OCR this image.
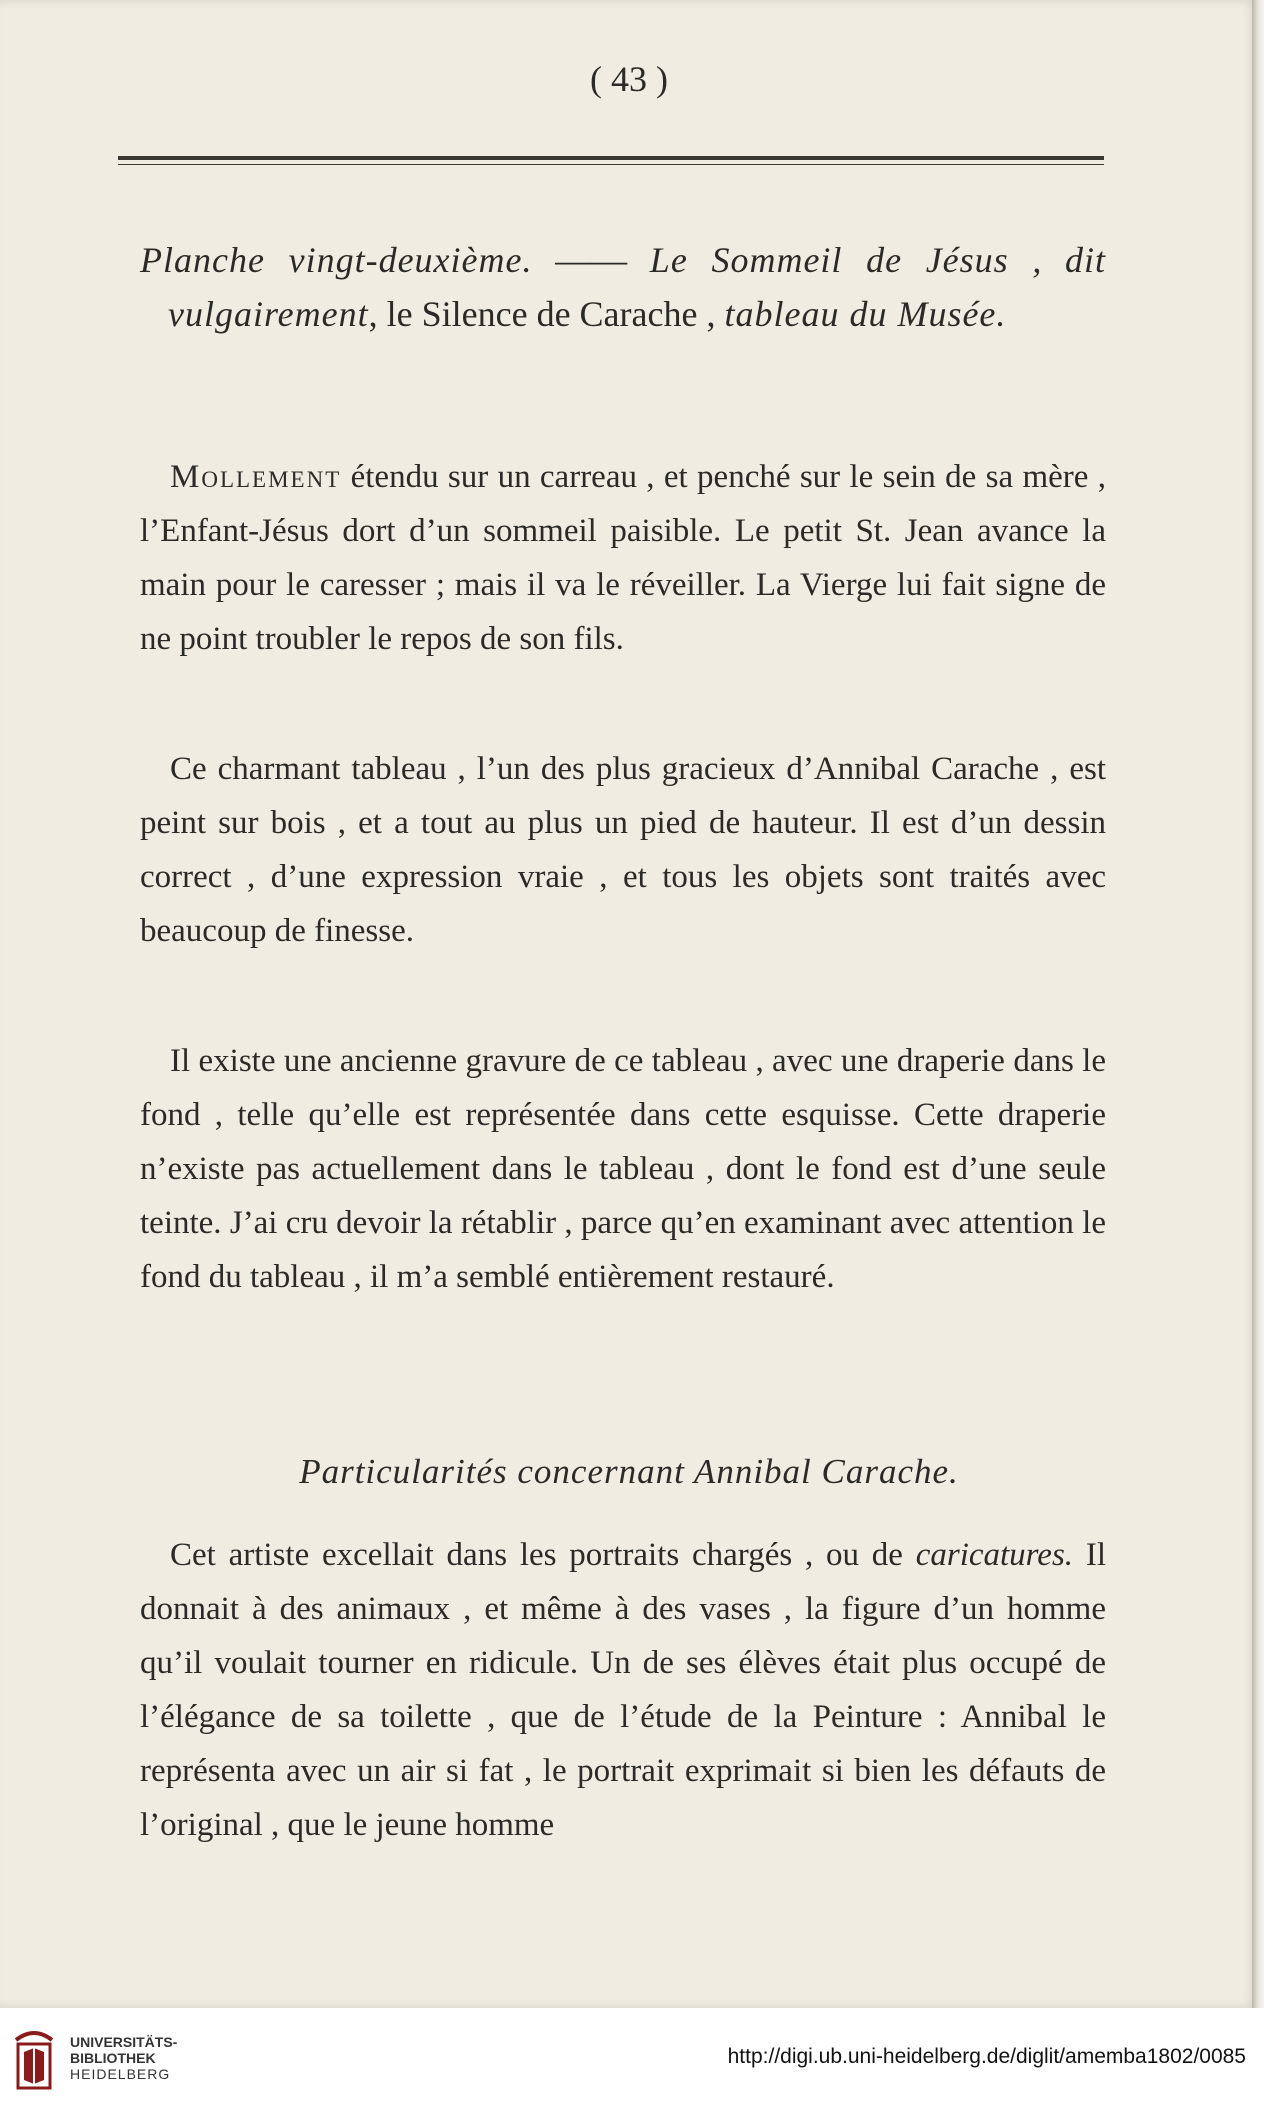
( 43 )
Planche vingt-deuxième. —— Le Sommeil de Jésus , dit vulgairement, le Silence de Carache , tableau du Musée.
Mollement étendu sur un carreau , et penché sur le sein de sa mère , l’Enfant-Jésus dort d’un sommeil paisible. Le petit St. Jean avance la main pour le caresser ; mais il va le réveiller. La Vierge lui fait signe de ne point troubler le repos de son fils.
Ce charmant tableau , l’un des plus gracieux d’Annibal Carache , est peint sur bois , et a tout au plus un pied de hauteur. Il est d’un dessin correct , d’une expression vraie , et tous les objets sont traités avec beaucoup de finesse.
Il existe une ancienne gravure de ce tableau , avec une draperie dans le fond , telle qu’elle est représentée dans cette esquisse. Cette draperie n’existe pas actuellement dans le tableau , dont le fond est d’une seule teinte. J’ai cru devoir la rétablir , parce qu’en examinant avec attention le fond du tableau , il m’a semblé entièrement restauré.
Particularités concernant Annibal Carache.
Cet artiste excellait dans les portraits chargés , ou de caricatures. Il donnait à des animaux , et même à des vases , la figure d’un homme qu’il voulait tourner en ridicule. Un de ses élèves était plus occupé de l’élégance de sa toilette , que de l’étude de la Peinture : Annibal le représenta avec un air si fat , le portrait exprimait si bien les défauts de l’original , que le jeune homme
UNIVERSITÄTS-
BIBLIOTHEK
HEIDELBERG
http://digi.ub.uni-heidelberg.de/diglit/amemba1802/0085
